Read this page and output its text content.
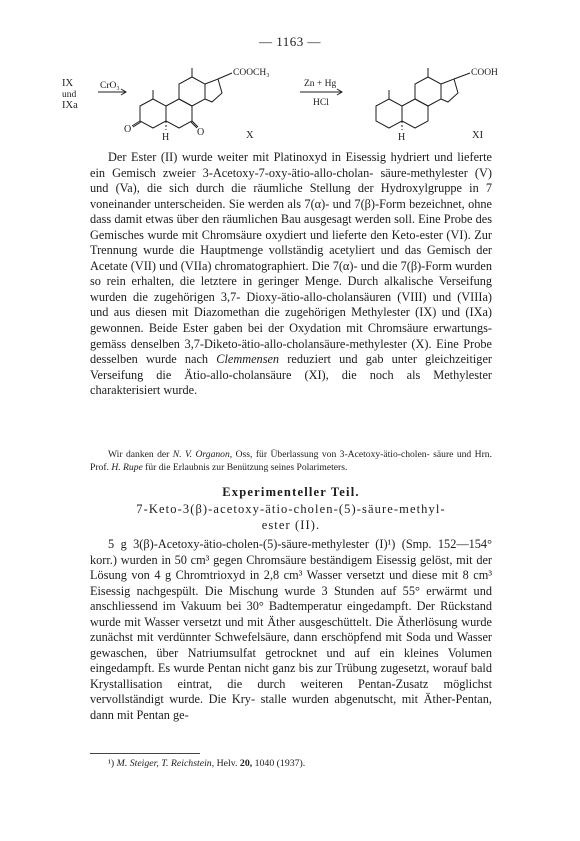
— 1163 —
IX
und
IXa
CrO₃
COOCH₃
O
H	O	X
Zn + Hg
HCl
COOH
H	XI

Der Ester (II) wurde weiter mit Platinoxyd in Eisessig hydriert und lieferte ein Gemisch zweier 3-Acetoxy-7-oxy-ätio-allo-cholan- säure-methylester (V) und (Va), die sich durch die räumliche Stellung der Hydroxylgruppe in 7 voneinander unterscheiden. Sie werden als 7(α)- und 7(β)-Form bezeichnet, ohne dass damit etwas über den räumlichen Bau ausgesagt werden soll. Eine Probe des Gemisches wurde mit Chromsäure oxydiert und lieferte den Keto-ester (VI). Zur Trennung wurde die Hauptmenge vollständig acetyliert und das Gemisch der Acetate (VII) und (VIIa) chromatographiert. Die 7(α)- und die 7(β)-Form wurden so rein erhalten, die letztere in geringer Menge. Durch alkalische Verseifung wurden die zugehörigen 3,7- Dioxy-ätio-allo-cholansäuren (VIII) und (VIIIa) und aus diesen mit Diazomethan die zugehörigen Methylester (IX) und (IXa) gewonnen. Beide Ester gaben bei der Oxydation mit Chromsäure erwartungs- gemäss denselben 3,7-Diketo-ätio-allo-cholansäure-methylester (X). Eine Probe desselben wurde nach Clemmensen reduziert und gab unter gleichzeitiger Verseifung die Ätio-allo-cholansäure (XI), die noch als Methylester charakterisiert wurde.

Wir danken der N. V. Organon, Oss, für Überlassung von 3-Acetoxy-ätio-cholen- säure und Hrn. Prof. H. Rupe für die Erlaubnis zur Benützung seines Polarimeters.

Experimenteller Teil.

7-Keto-3(β)-acetoxy-ätio-cholen-(5)-säure-methyl-
ester (II).

5 g 3(β)-Acetoxy-ätio-cholen-(5)-säure-methylester (I)¹) (Smp. 152—154° korr.) wurden in 50 cm³ gegen Chromsäure beständigem Eisessig gelöst, mit der Lösung von 4 g Chromtrioxyd in 2,8 cm³ Wasser versetzt und diese mit 8 cm³ Eisessig nachgespült. Die Mischung wurde 3 Stunden auf 55° erwärmt und anschliessend im Vakuum bei 30° Badtemperatur eingedampft. Der Rückstand wurde mit Wasser versetzt und mit Äther ausgeschüttelt. Die Ätherlösung wurde zunächst mit verdünnter Schwefelsäure, dann erschöpfend mit Soda und Wasser gewaschen, über Natriumsulfat getrocknet und auf ein kleines Volumen eingedampft. Es wurde Pentan nicht ganz bis zur Trübung zugesetzt, worauf bald Krystallisation eintrat, die durch weiteren Pentan-Zusatz möglichst vervollständigt wurde. Die Kry- stalle wurden abgenutscht, mit Äther-Pentan, dann mit Pentan ge-

¹) M. Steiger, T. Reichstein, Helv. 20, 1040 (1937).
